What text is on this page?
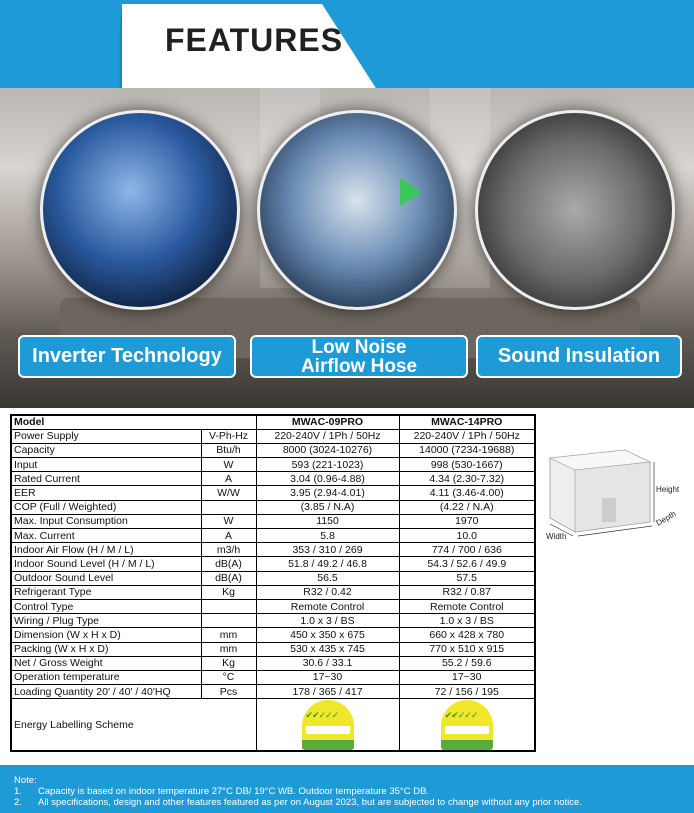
FEATURES
Inverter Technology	Low Noise
Airflow Hose	Sound Insulation
Model		MWAC-09PRO	MWAC-14PRO
Power Supply	V-Ph-Hz	220-240V / 1Ph / 50Hz	220-240V / 1Ph / 50Hz
Capacity	Btu/h	8000 (3024-10276)	14000 (7234-19688)
Input	W	593 (221-1023)	998 (530-1667)
Rated Current	A	3.04 (0.96-4.88)	4.34 (2.30-7.32)
EER	W/W	3.95 (2.94-4.01)	4.11 (3.46-4.00)
COP (Full / Weighted)		(3.85 / N.A)	(4.22 / N.A)
Max. Input Consumption	W	1150	1970
Max. Current	A	5.8	10.0
Indoor Air Flow (H / M / L)	m3/h	353 / 310 / 269	774 / 700 / 636
Indoor Sound Level (H / M / L)	dB(A)	51.8 / 49.2 / 46.8	54.3 / 52.6 / 49.9
Outdoor Sound Level	dB(A)	56.5	57.5
Refrigerant Type	Kg	R32 / 0.42	R32 / 0.87
Control Type		Remote Control	Remote Control
Wiring / Plug Type		1.0 x 3 / BS	1.0 x 3 / BS
Dimension (W x H x D)	mm	450 x 350 x 675	660 x 428 x 780
Packing (W x H x D)	mm	530 x 435 x 745	770 x 510 x 915
Net / Gross Weight	Kg	30.6 / 33.1	55.2 / 59.6
Operation temperature	°C	17~30	17~30
Loading Quantity 20' / 40' / 40'HQ	Pcs	178 / 365 / 417	72 / 156 / 195
Energy Labelling Scheme		✔✔✓✓✓	✔✔✓✓✓
Height
Width
Depth
Note:
1.	Capacity is based on indoor temperature 27°C DB/ 19°C WB. Outdoor temperature 35°C DB.
2.	All specifications, design and other features featured as per on August 2023, but are subjected to change without any prior notice.
